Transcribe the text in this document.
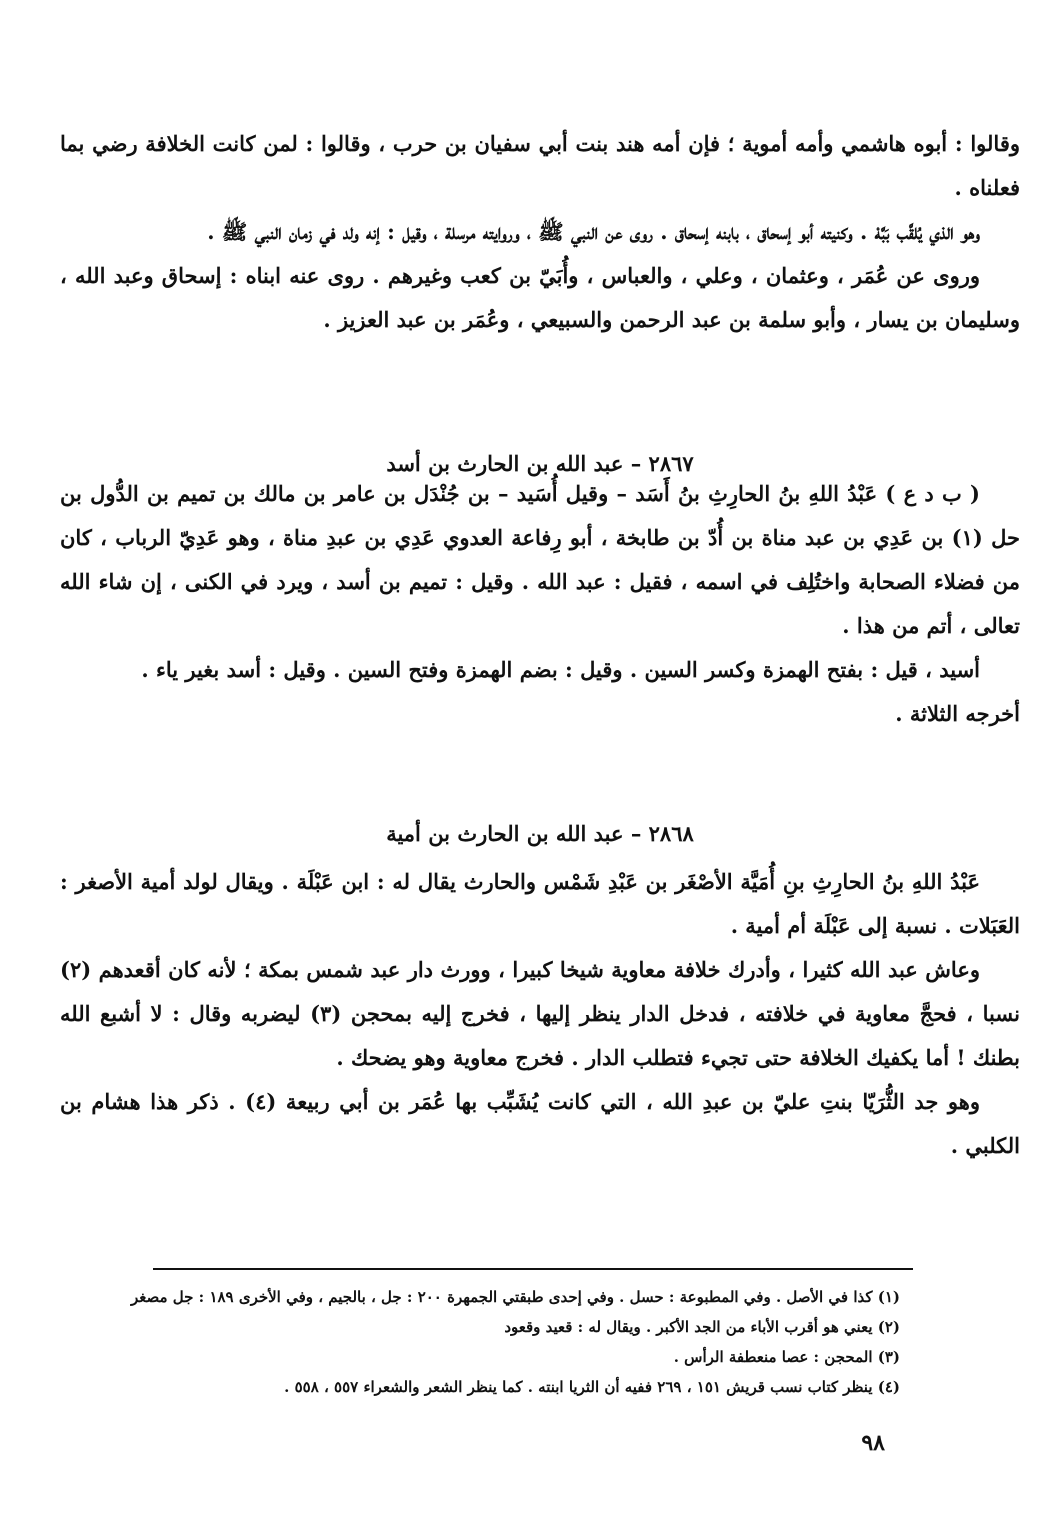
وقالوا : أبوه هاشمي وأمه أموية ؛ فإن أمه هند بنت أبي سفيان بن حرب ، وقالوا : لمن كانت الخلافة رضي بما فعلناه .

وهو الذي يُلقَّب بَبَّهْ . وكنيته أبو إسحاق ، بابنه إسحاق . روى عن النبي ﷺ ، وروايته مرسلة ، وقيل : إنه ولد في زمان النبي ﷺ .

وروى عن عُمَر ، وعثمان ، وعلي ، والعباس ، وأُبَيّ بن كعب وغيرهم . روى عنه ابناه : إسحاق وعبد الله ، وسليمان بن يسار ، وأبو سلمة بن عبد الرحمن والسبيعي ، وعُمَر بن عبد العزيز .

٢٨٦٧ – عبد الله بن الحارث بن أسد

( ب د ع ) عَبْدُ اللهِ بنُ الحارِثِ بنُ أَسَد – وقيل أُسَيد – بن جُنْدَل بن عامر بن مالك بن تميم بن الدُّول بن حل (١) بن عَدِي بن عبد مناة بن أُدّ بن طابخة ، أبو رِفاعة العدوي عَدِي بن عبدِ مناة ، وهو عَدِيّ الرباب ، كان من فضلاء الصحابة واختُلِف في اسمه ، فقيل : عبد الله . وقيل : تميم بن أسد ، ويرد في الكنى ، إن شاء الله تعالى ، أتم من هذا .

أسيد ، قيل : بفتح الهمزة وكسر السين . وقيل : بضم الهمزة وفتح السين . وقيل : أسد بغير ياء .

أخرجه الثلاثة .

٢٨٦٨ – عبد الله بن الحارث بن أمية

عَبْدُ اللهِ بنُ الحارِثِ بنِ أُمَيَّة الأصْغَر بن عَبْدِ شَمْس والحارث يقال له : ابن عَبْلَة . ويقال لولد أمية الأصغر : العَبَلات . نسبة إلى عَبْلَة أم أمية .

وعاش عبد الله كثيرا ، وأدرك خلافة معاوية شيخا كبيرا ، وورث دار عبد شمس بمكة ؛ لأنه كان أقعدهم (٢) نسبا ، فحجَّ معاوية في خلافته ، فدخل الدار ينظر إليها ، فخرج إليه بمحجن (٣) ليضربه وقال : لا أشبع الله بطنك ! أما يكفيك الخلافة حتى تجيء فتطلب الدار . فخرج معاوية وهو يضحك .

وهو جد الثُّرَيّا بنتِ عليّ بن عبدِ الله ، التي كانت يُشَبِّب بها عُمَر بن أبي ربيعة (٤) . ذكر هذا هشام بن الكلبي .

(١) كذا في الأصل . وفي المطبوعة : حسل . وفي إحدى طبقتي الجمهرة ٢٠٠ : جل ، بالجيم ، وفي الأخرى ١٨٩ : جل مصغر
(٢) يعني هو أقرب الأباء من الجد الأكبر . ويقال له : قعيد وقعود
(٣) المحجن : عصا منعطفة الرأس .
(٤) ينظر كتاب نسب قريش ١٥١ ، ٢٦٩ ففيه أن الثريا ابنته . كما ينظر الشعر والشعراء ٥٥٧ ، ٥٥٨ .
٩٨
